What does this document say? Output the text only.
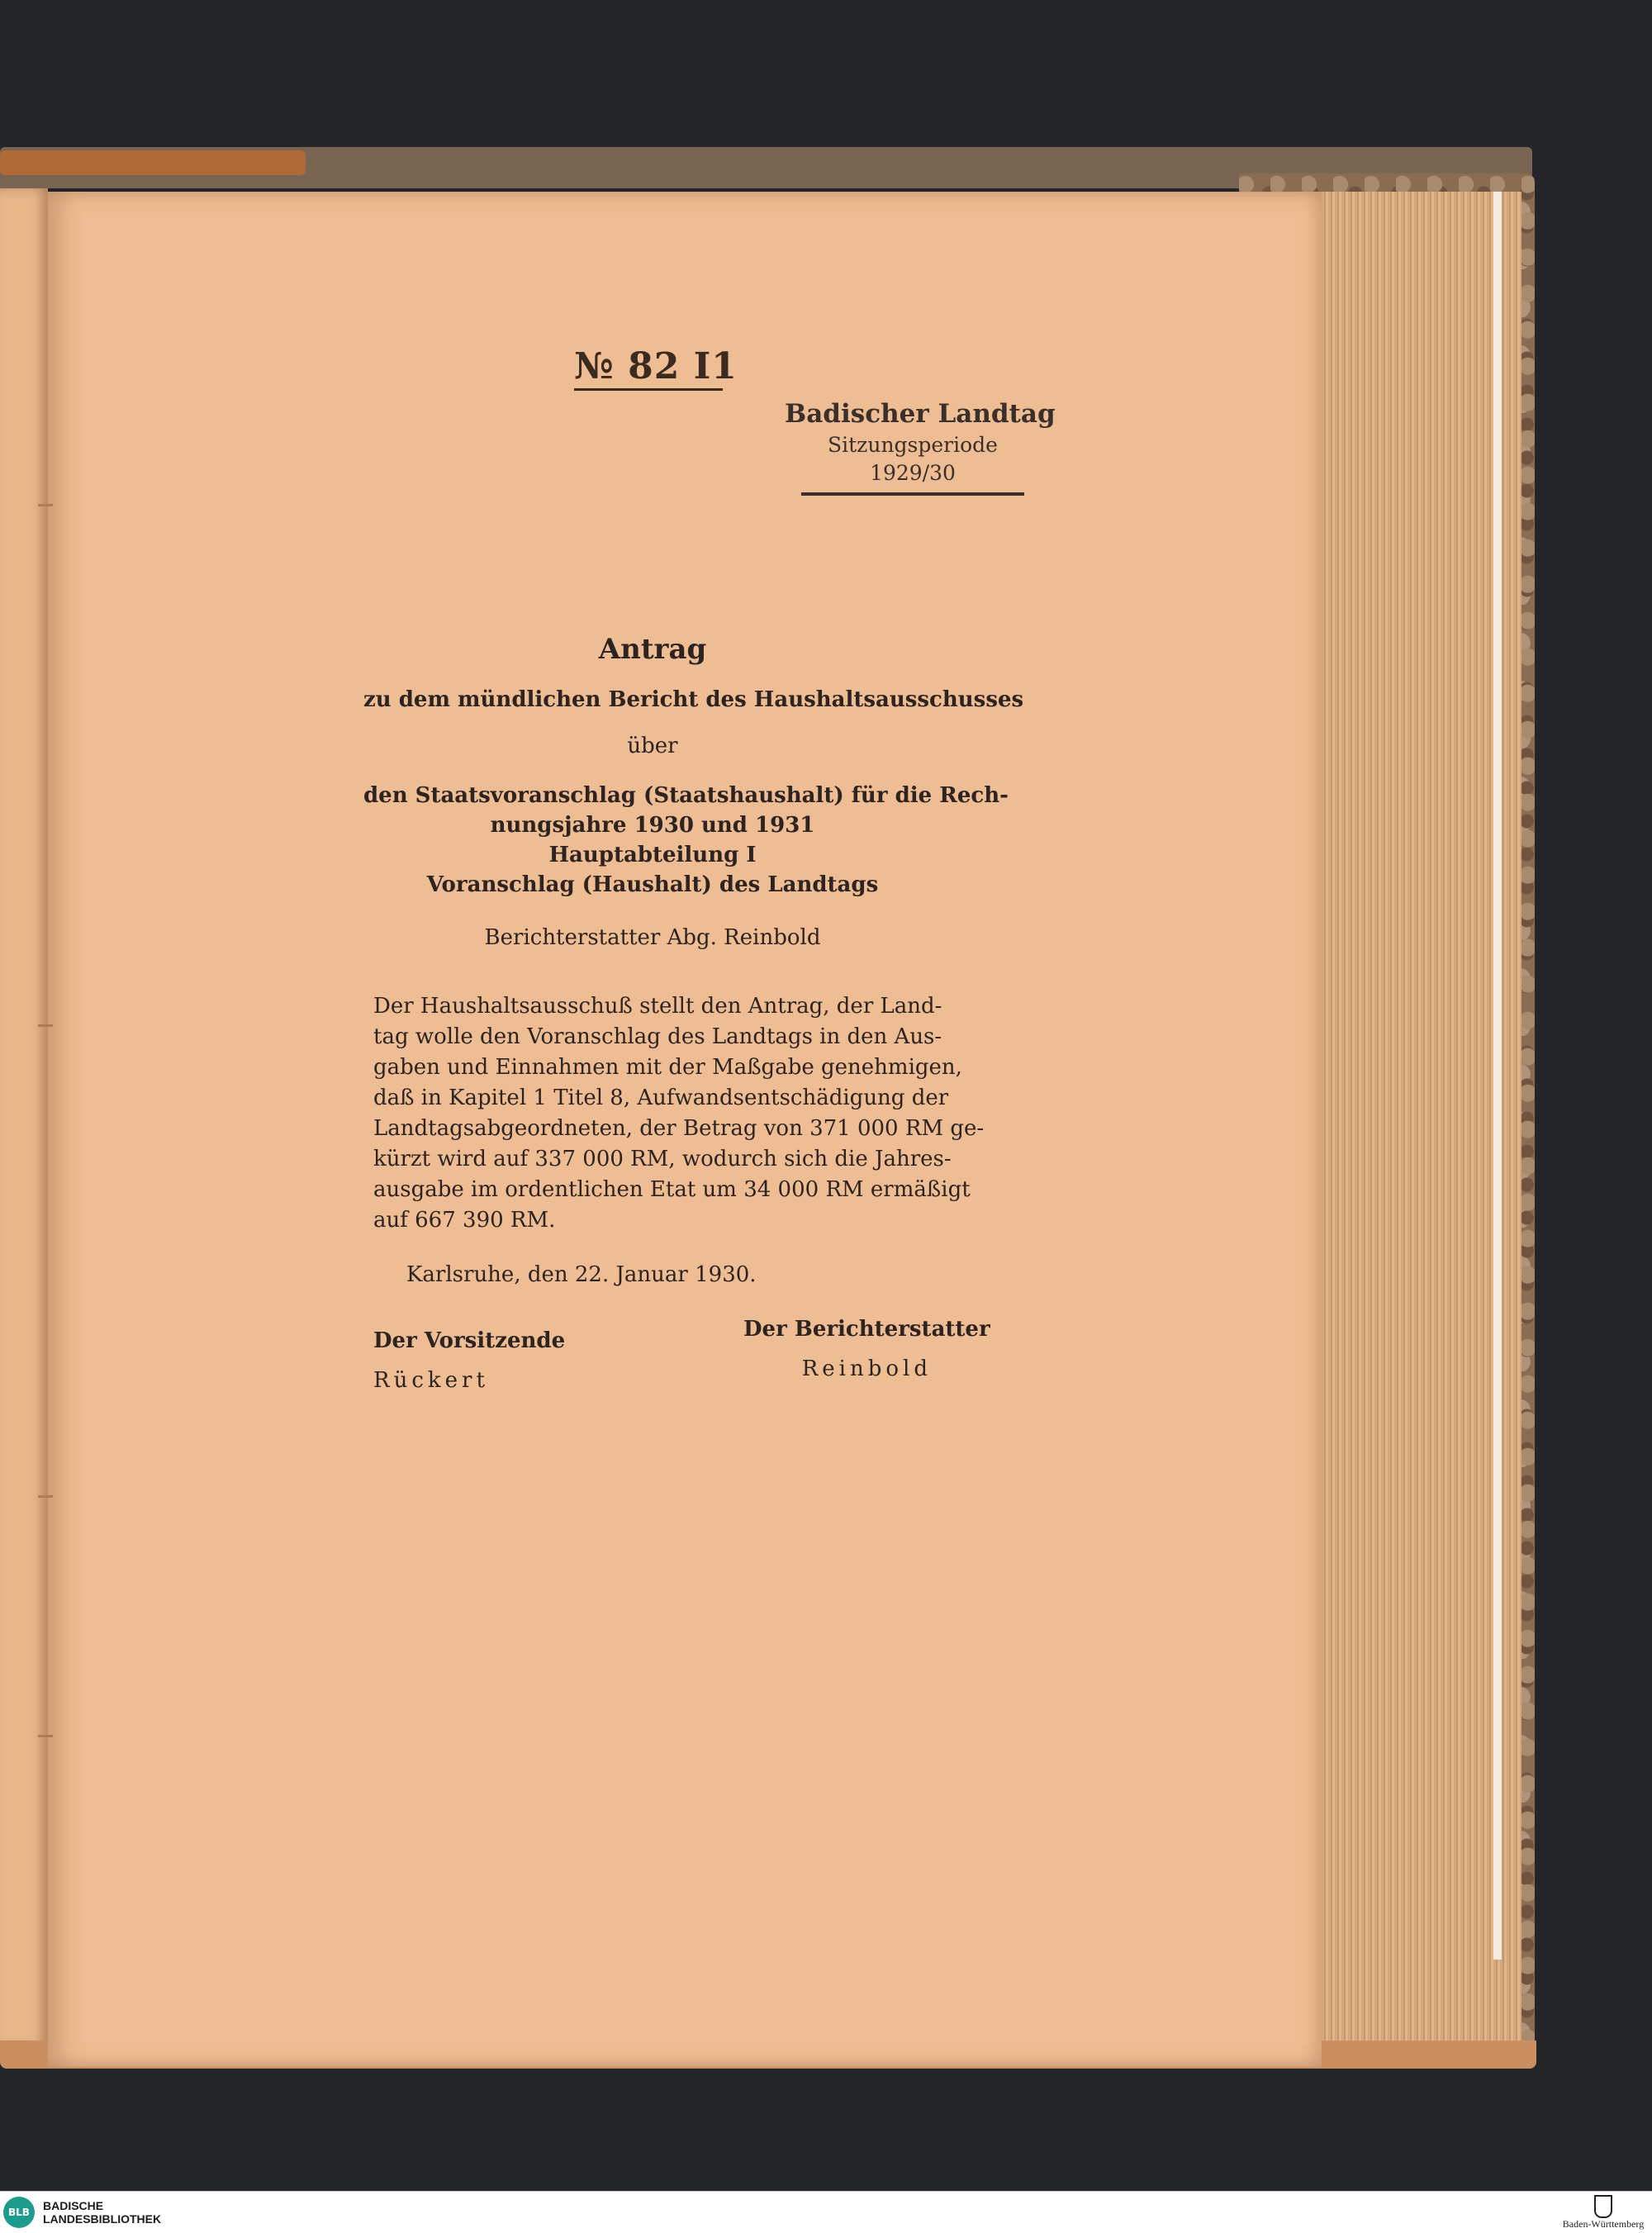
№ 82 I1
Badischer Landtag
Sitzungsperiode
1929/30
Antrag
zu dem mündlichen Bericht des Haushaltsausschusses
über
den Staatsvoranschlag (Staatshaushalt) für die Rech-
nungsjahre 1930 und 1931
Hauptabteilung I
Voranschlag (Haushalt) des Landtags
Berichterstatter Abg. Reinbold
Der Haushaltsausschuß stellt den Antrag, der Land-
tag wolle den Voranschlag des Landtags in den Aus-
gaben und Einnahmen mit der Maßgabe genehmigen,
daß in Kapitel 1 Titel 8, Aufwandsentschädigung der
Landtagsabgeordneten, der Betrag von 371 000 RM ge-
kürzt wird auf 337 000 RM, wodurch sich die Jahres-
ausgabe im ordentlichen Etat um 34 000 RM ermäßigt
auf 667 390 RM.
Karlsruhe, den 22. Januar 1930.
Der Vorsitzende
Rückert
Der Berichterstatter
Reinbold
BLB	BADISCHE
LANDESBIBLIOTHEK	Baden-Württemberg
